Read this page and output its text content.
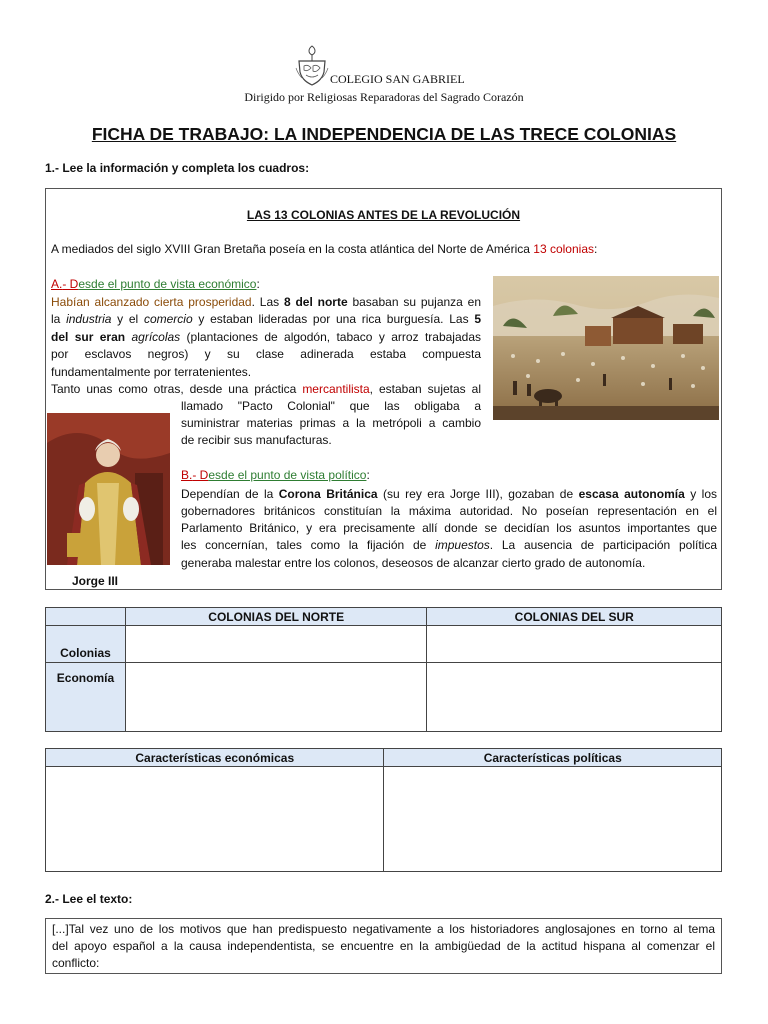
COLEGIO SAN GABRIEL
Dirigido por Religiosas Reparadoras del Sagrado Corazón
FICHA DE TRABAJO: LA INDEPENDENCIA DE LAS TRECE COLONIAS
1.- Lee la información y completa los cuadros:
LAS 13 COLONIAS ANTES DE LA REVOLUCIÓN
A mediados del siglo XVIII Gran Bretaña poseía en la costa atlántica del Norte de América 13 colonias:
A.- Desde el punto de vista económico:
Habían alcanzado cierta prosperidad. Las 8 del norte basaban su pujanza en
la industria y el comercio y estaban lideradas por una rica burguesía. Las 5
del sur eran agrícolas (plantaciones de algodón, tabaco y arroz trabajadas
por esclavos negros) y su clase adinerada estaba compuesta
fundamentalmente por terratenientes.
Tanto unas como otras, desde una práctica mercantilista, estaban sujetas al
llamado "Pacto Colonial" que las obligaba a
suministrar materias primas a la metrópoli a cambio
de recibir sus manufacturas.
B.- Desde el punto de vista político:
Dependían de la Corona Británica (su rey era Jorge III), gozaban de escasa autonomía y los
gobernadores británicos constituían la máxima autoridad. No poseían representación en el
Parlamento Británico, y era precisamente allí donde se decidían los asuntos importantes que
les concernían, tales como la fijación de impuestos. La ausencia de participación política
generaba malestar entre los colonos, deseosos de alcanzar cierto grado de autonomía.
Jorge III
	COLONIAS DEL NORTE	COLONIAS DEL SUR
Colonias		
Economía		
Características económicas	Características políticas

2.- Lee el texto:
[...]Tal vez uno de los motivos que han predispuesto negativamente a los historiadores anglosajones en torno al tema
del apoyo español a la causa independentista, se encuentre en la ambigüedad de la actitud hispana al comenzar el
conflicto:
